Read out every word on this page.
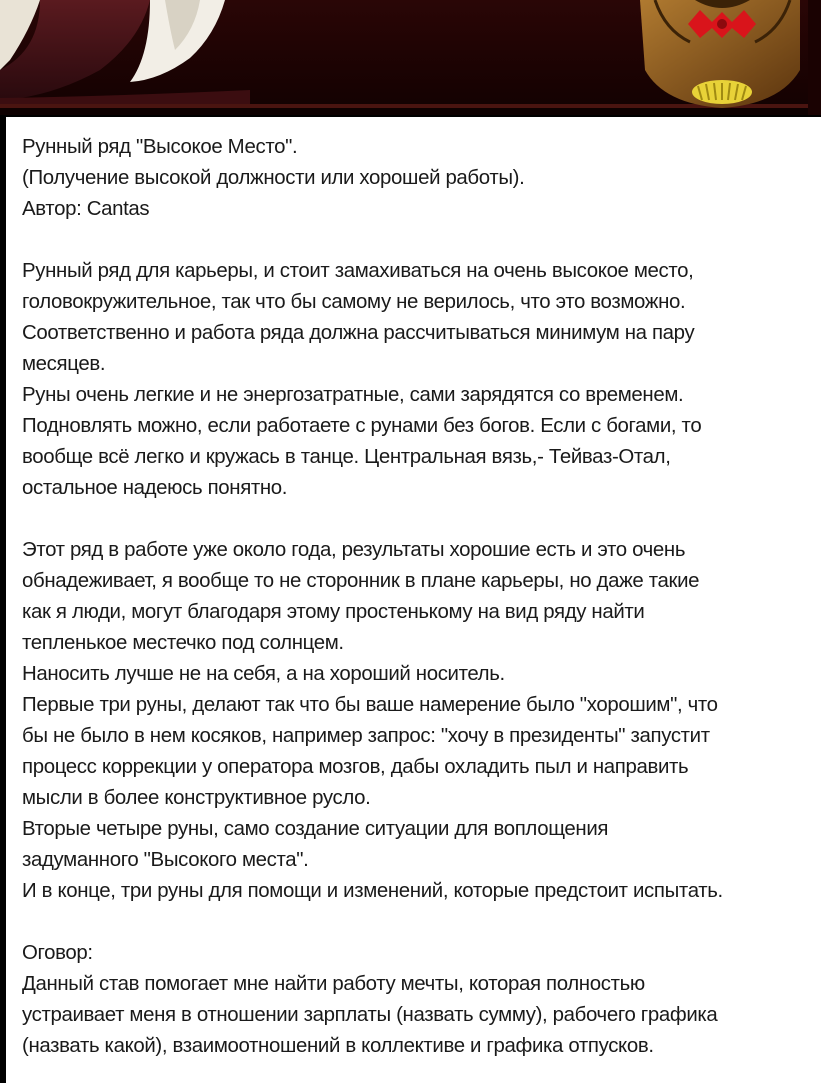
Рунный ряд "Высокое Место".
(Получение высокой должности или хорошей работы).
Автор: Cantas
Рунный ряд для карьеры, и стоит замахиваться на очень высокое место,
головокружительное, так что бы самому не верилось, что это возможно.
Соответственно и работа ряда должна рассчитываться минимум на пару
месяцев.
Руны очень легкие и не энергозатратные, сами зарядятся со временем.
Подновлять можно, если работаете с рунами без богов. Если с богами, то
вообще всё легко и кружась в танце. Центральная вязь,- Тейваз-Отал,
остальное надеюсь понятно.
Этот ряд в работе уже около года, результаты хорошие есть и это очень
обнадеживает, я вообще то не сторонник в плане карьеры, но даже такие
как я люди, могут благодаря этому простенькому на вид ряду найти
тепленькое местечко под солнцем.
Наносить лучше не на себя, а на хороший носитель.
Первые три руны, делают так что бы ваше намерение было "хорошим", что
бы не было в нем косяков, например запрос: "хочу в президенты" запустит
процесс коррекции у оператора мозгов, дабы охладить пыл и направить
мысли в более конструктивное русло.
Вторые четыре руны, само создание ситуации для воплощения
задуманного "Высокого места".
И в конце, три руны для помощи и изменений, которые предстоит испытать.
Оговор:
Данный став помогает мне найти работу мечты, которая полностью
устраивает меня в отношении зарплаты (назвать сумму), рабочего графика
(назвать какой), взаимоотношений в коллективе и графика отпусков.
